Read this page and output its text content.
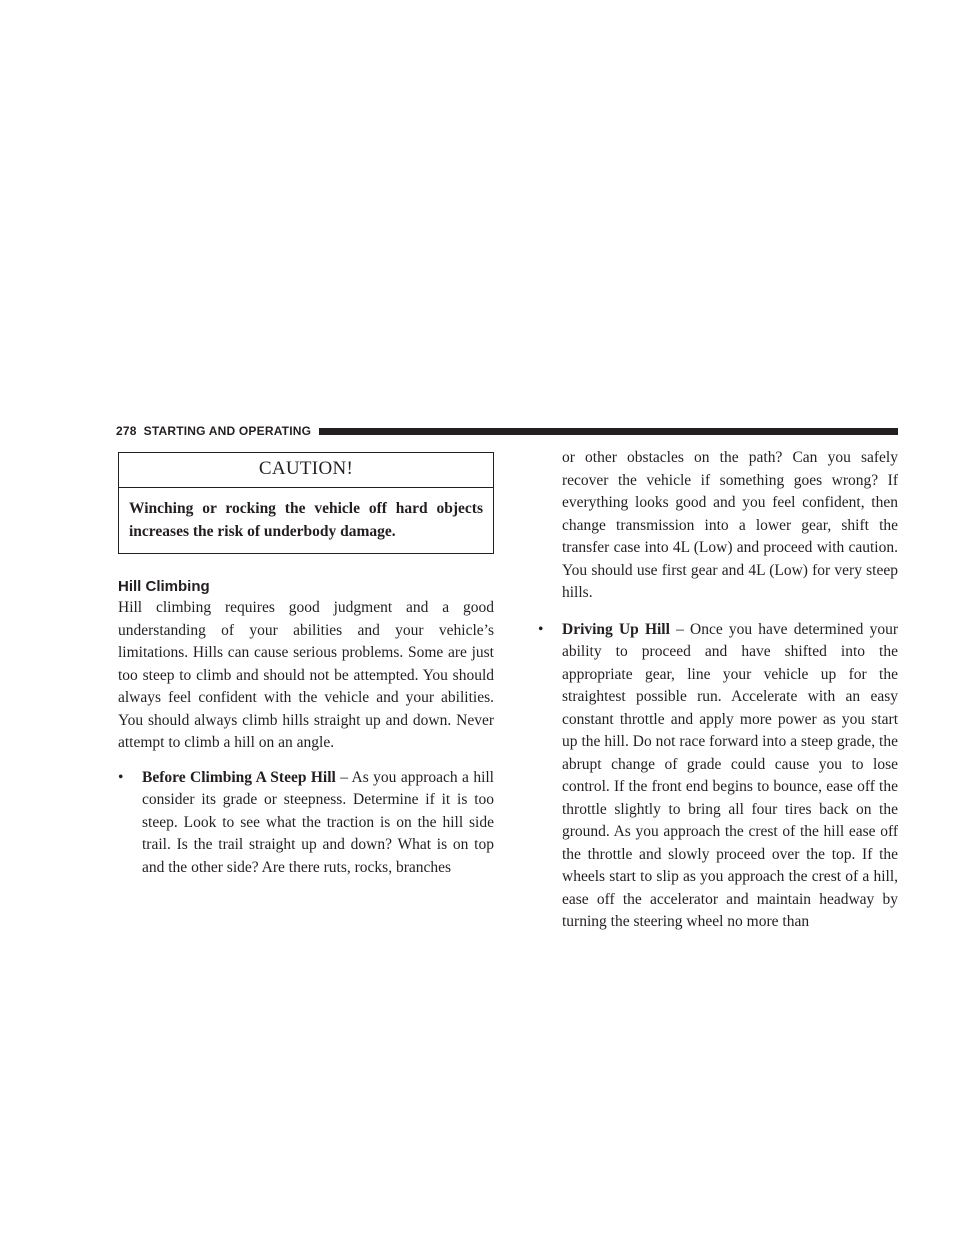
278 STARTING AND OPERATING
CAUTION!
Winching or rocking the vehicle off hard objects increases the risk of underbody damage.
Hill Climbing

Hill climbing requires good judgment and a good understanding of your abilities and your vehicle’s limitations. Hills can cause serious problems. Some are just too steep to climb and should not be attempted. You should always feel confident with the vehicle and your abilities. You should always climb hills straight up and down. Never attempt to climb a hill on an angle.

• Before Climbing A Steep Hill – As you approach a hill consider its grade or steepness. Determine if it is too steep. Look to see what the traction is on the hill side trail. Is the trail straight up and down? What is on top and the other side? Are there ruts, rocks, branches

or other obstacles on the path? Can you safely recover the vehicle if something goes wrong? If everything looks good and you feel confident, then change transmission into a lower gear, shift the transfer case into 4L (Low) and proceed with caution. You should use first gear and 4L (Low) for very steep hills.

• Driving Up Hill – Once you have determined your ability to proceed and have shifted into the appropriate gear, line your vehicle up for the straightest possible run. Accelerate with an easy constant throttle and apply more power as you start up the hill. Do not race forward into a steep grade, the abrupt change of grade could cause you to lose control. If the front end begins to bounce, ease off the throttle slightly to bring all four tires back on the ground. As you approach the crest of the hill ease off the throttle and slowly proceed over the top. If the wheels start to slip as you approach the crest of a hill, ease off the accelerator and maintain headway by turning the steering wheel no more than
